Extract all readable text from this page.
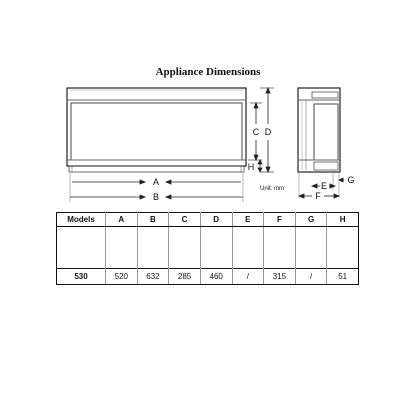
Appliance Dimensions
A
B
C D
H
Unit: mm	E
F
G
Models	A	B	C	D	E	F	G	H

530	520	632	285	460	/	315	/	51
